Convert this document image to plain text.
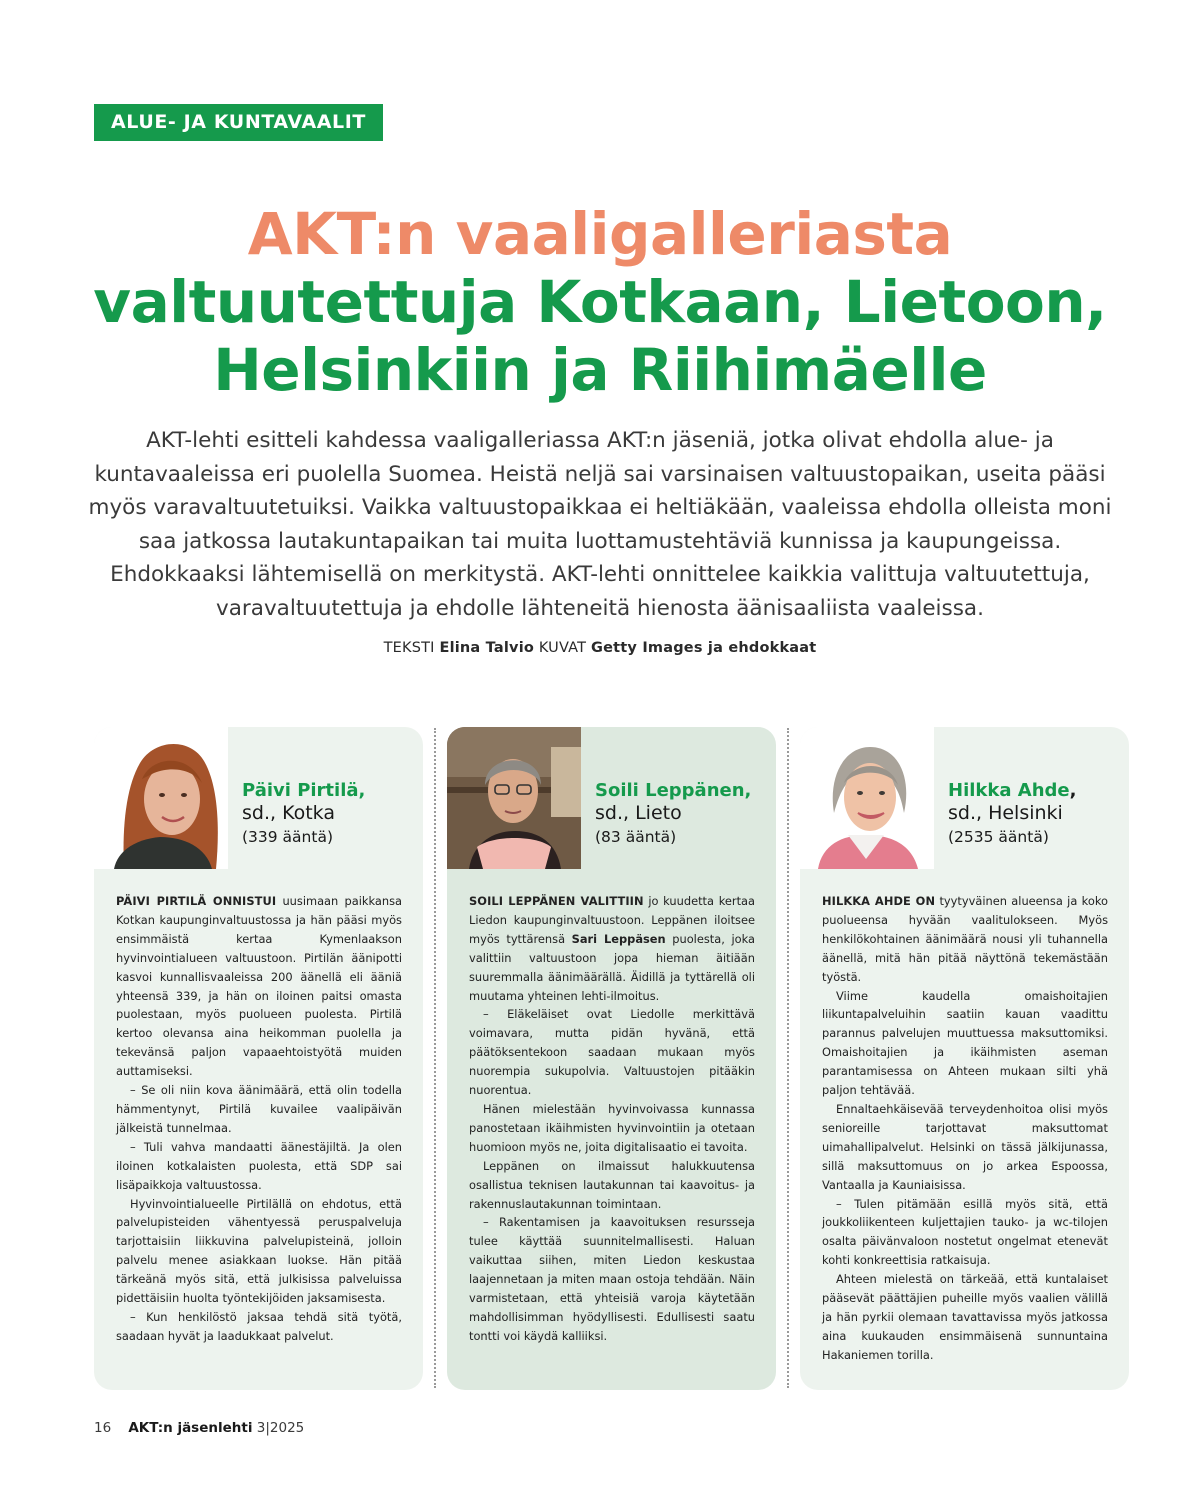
ALUE- JA KUNTAVAALIT
AKT:n vaaligalleriasta
valtuutettuja Kotkaan, Lietoon,
Helsinkiin ja Riihimäelle
AKT-lehti esitteli kahdessa vaaligalleriassa AKT:n jäseniä, jotka olivat ehdolla alue- ja kuntavaaleissa eri puolella Suomea. Heistä neljä sai varsinaisen valtuustopaikan, useita pääsi myös varavaltuutetuiksi. Vaikka valtuustopaikkaa ei heltiäkään, vaaleissa ehdolla olleista moni saa jatkossa lautakuntapaikan tai muita luottamustehtäviä kunnissa ja kaupungeissa. Ehdokkaaksi lähtemisellä on merkitystä. AKT-lehti onnittelee kaikkia valittuja valtuutettuja, varavaltuutettuja ja ehdolle lähteneitä hienosta äänisaaliista vaaleissa.
TEKSTI Elina Talvio KUVAT Getty Images ja ehdokkaat
Päivi Pirtilä,
sd., Kotka
(339 ääntä)

PÄIVI PIRTILÄ ONNISTUI uusimaan paikkansa Kotkan kaupunginvaltuustossa ja hän pääsi myös ensimmäistä kertaa Kymenlaakson hyvinvointialueen valtuustoon. Pirtilän äänipotti kasvoi kunnallisvaaleissa 200 äänellä eli ääniä yhteensä 339, ja hän on iloinen paitsi omasta puolestaan, myös puolueen puolesta. Pirtilä kertoo olevansa aina heikomman puolella ja tekevänsä paljon vapaaehtoistyötä muiden auttamiseksi.

– Se oli niin kova äänimäärä, että olin todella hämmentynyt, Pirtilä kuvailee vaalipäivän jälkeistä tunnelmaa.

– Tuli vahva mandaatti äänestäjiltä. Ja olen iloinen kotkalaisten puolesta, että SDP sai lisäpaikkoja valtuustossa.

Hyvinvointialueelle Pirtilällä on ehdotus, että palvelupisteiden vähentyessä peruspalveluja tarjottaisiin liikkuvina palvelupisteinä, jolloin palvelu menee asiakkaan luokse. Hän pitää tärkeänä myös sitä, että julkisissa palveluissa pidettäisiin huolta työntekijöiden jaksamisesta.

– Kun henkilöstö jaksaa tehdä sitä työtä, saadaan hyvät ja laadukkaat palvelut.

Soili Leppänen,
sd., Lieto
(83 ääntä)

SOILI LEPPÄNEN VALITTIIN jo kuudetta kertaa Liedon kaupunginvaltuustoon. Leppänen iloitsee myös tyttärensä Sari Leppäsen puolesta, joka valittiin valtuustoon jopa hieman äitiään suuremmalla äänimäärällä. Äidillä ja tyttärellä oli muutama yhteinen lehti-ilmoitus.

– Eläkeläiset ovat Liedolle merkittävä voimavara, mutta pidän hyvänä, että päätöksentekoon saadaan mukaan myös nuorempia sukupolvia. Valtuustojen pitääkin nuorentua.

Hänen mielestään hyvinvoivassa kunnassa panostetaan ikäihmisten hyvinvointiin ja otetaan huomioon myös ne, joita digitalisaatio ei tavoita.

Leppänen on ilmaissut halukkuutensa osallistua teknisen lautakunnan tai kaavoitus- ja rakennuslautakunnan toimintaan.

– Rakentamisen ja kaavoituksen resursseja tulee käyttää suunnitelmallisesti. Haluan vaikuttaa siihen, miten Liedon keskustaa laajennetaan ja miten maan ostoja tehdään. Näin varmistetaan, että yhteisiä varoja käytetään mahdollisimman hyödyllisesti. Edullisesti saatu tontti voi käydä kalliiksi.

Hilkka Ahde,
sd., Helsinki
(2535 ääntä)

HILKKA AHDE ON tyytyväinen alueensa ja koko puolueensa hyvään vaalitulokseen. Myös henkilökohtainen äänimäärä nousi yli tuhannella äänellä, mitä hän pitää näyttönä tekemästään työstä.

Viime kaudella omaishoitajien liikuntapalveluihin saatiin kauan vaadittu parannus palvelujen muuttuessa maksuttomiksi. Omaishoitajien ja ikäihmisten aseman parantamisessa on Ahteen mukaan silti yhä paljon tehtävää.

Ennaltaehkäisevää terveydenhoitoa olisi myös senioreille tarjottavat maksuttomat uimahallipalvelut. Helsinki on tässä jälkijunassa, sillä maksuttomuus on jo arkea Espoossa, Vantaalla ja Kauniaisissa.

– Tulen pitämään esillä myös sitä, että joukkoliikenteen kuljettajien tauko- ja wc-tilojen osalta päivänvaloon nostetut ongelmat etenevät kohti konkreettisia ratkaisuja.

Ahteen mielestä on tärkeää, että kuntalaiset pääsevät päättäjien puheille myös vaalien välillä ja hän pyrkii olemaan tavattavissa myös jatkossa aina kuukauden ensimmäisenä sunnuntaina Hakaniemen torilla.

16 AKT:n jäsenlehti 3|2025
